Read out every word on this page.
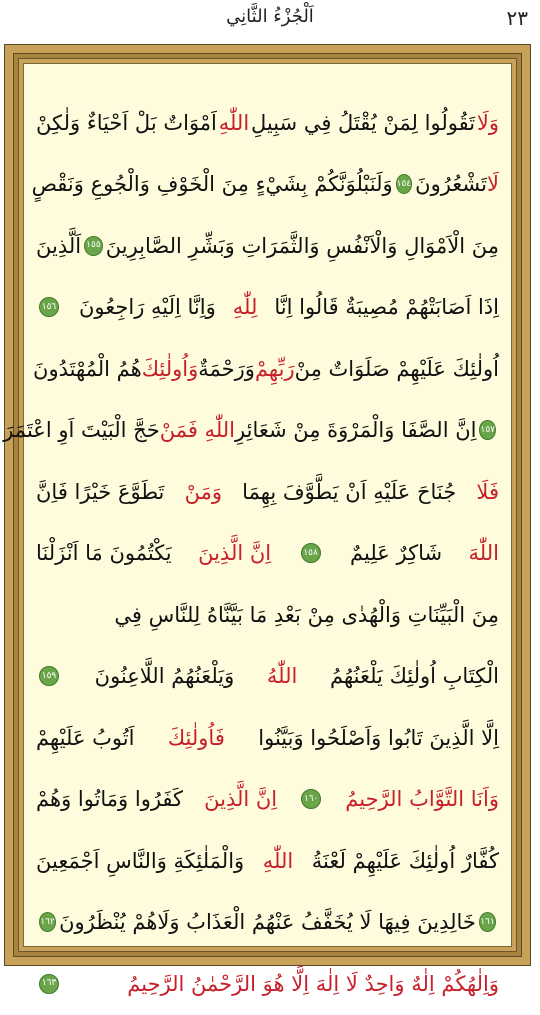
اَلْجُزْءُ الثَّانِي	٢٣
وَلَا
تَقُولُوا لِمَنْ يُقْتَلُ فِي سَبِيلِ
اللّٰهِ
اَمْوَاتٌ بَلْ اَحْيَاءٌ وَلٰكِنْ
لَا
تَشْعُرُونَ
١٥٤
وَلَنَبْلُوَنَّكُمْ بِشَيْءٍ مِنَ الْخَوْفِ وَالْجُوعِ وَنَقْصٍ
مِنَ الْاَمْوَالِ وَالْاَنْفُسِ وَالثَّمَرَاتِ وَبَشِّرِ الصَّابِرِينَ
١٥٥
اَلَّذِينَ
اِذَا اَصَابَتْهُمْ مُصِيبَةٌ قَالُوا اِنَّا
لِلّٰهِ
وَاِنَّا اِلَيْهِ رَاجِعُونَ
١٥٦
اُولٰئِكَ عَلَيْهِمْ صَلَوَاتٌ مِنْ
رَبِّهِمْ
وَرَحْمَةٌ
وَاُولٰئِكَ
هُمُ الْمُهْتَدُونَ
١٥٧
اِنَّ الصَّفَا وَالْمَرْوَةَ مِنْ شَعَائِرِ
اللّٰهِ فَمَنْ
حَجَّ الْبَيْتَ اَوِ اعْتَمَرَ
فَلَا
جُنَاحَ عَلَيْهِ اَنْ يَطَّوَّفَ بِهِمَا
وَمَنْ
تَطَوَّعَ خَيْرًا فَاِنَّ
اللّٰهَ
شَاكِرٌ عَلِيمٌ
١٥٨
اِنَّ الَّذِينَ
يَكْتُمُونَ مَا اَنْزَلْنَا
مِنَ الْبَيِّنَاتِ وَالْهُدٰى مِنْ بَعْدِ مَا بَيَّنَّاهُ لِلنَّاسِ فِي
الْكِتَابِ اُولٰئِكَ يَلْعَنُهُمُ
اللّٰهُ
وَيَلْعَنُهُمُ اللَّاعِنُونَ
١٥٩
اِلَّا الَّذِينَ تَابُوا وَاَصْلَحُوا وَبَيَّنُوا
فَاُولٰئِكَ
اَتُوبُ عَلَيْهِمْ
وَاَنَا التَّوَّابُ الرَّحِيمُ
١٦٠
اِنَّ الَّذِينَ
كَفَرُوا وَمَاتُوا وَهُمْ
كُفَّارٌ اُولٰئِكَ عَلَيْهِمْ لَعْنَةُ
اللّٰهِ
وَالْمَلٰئِكَةِ وَالنَّاسِ اَجْمَعِينَ
١٦١
خَالِدِينَ فِيهَا لَا يُخَفَّفُ عَنْهُمُ الْعَذَابُ وَلَاهُمْ يُنْظَرُونَ
١٦٢
وَاِلٰهُكُمْ اِلٰهٌ وَاحِدٌ لَا اِلٰهَ اِلَّا هُوَ الرَّحْمٰنُ الرَّحِيمُ
١٦٣
